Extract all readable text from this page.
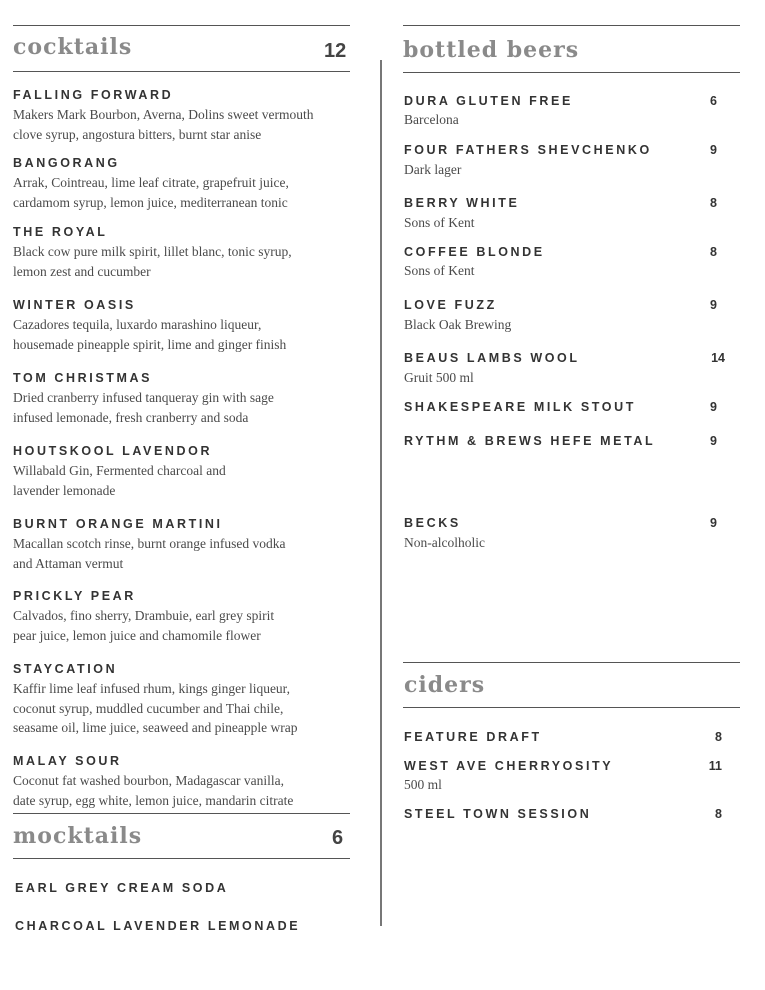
cocktails	12
FALLING FORWARD
Makers Mark Bourbon, Averna, Dolins sweet vermouth
clove syrup, angostura bitters, burnt star anise
BANGORANG
Arrak, Cointreau, lime leaf citrate, grapefruit juice,
cardamom syrup, lemon juice, mediterranean tonic
THE ROYAL
Black cow pure milk spirit, lillet blanc, tonic syrup,
lemon zest and cucumber
WINTER OASIS
Cazadores tequila, luxardo marashino liqueur,
housemade pineapple spirit, lime and ginger finish
TOM CHRISTMAS
Dried cranberry infused tanqueray gin with sage
infused lemonade, fresh cranberry and soda
HOUTSKOOL LAVENDOR
Willabald Gin, Fermented charcoal and
lavender lemonade
BURNT ORANGE MARTINI
Macallan scotch rinse, burnt orange infused vodka
and Attaman vermut
PRICKLY PEAR
Calvados, fino sherry, Drambuie, earl grey spirit
pear juice, lemon juice and chamomile flower
STAYCATION
Kaffir lime leaf infused rhum, kings ginger liqueur,
coconut syrup, muddled cucumber and Thai chile,
seasame oil, lime juice, seaweed and pineapple wrap
MALAY SOUR
Coconut fat washed bourbon, Madagascar vanilla,
date syrup, egg white, lemon juice, mandarin citrate
mocktails	6
EARL GREY CREAM SODA
CHARCOAL LAVENDER LEMONADE
bottled beers
DURA GLUTEN FREE	6
Barcelona
FOUR FATHERS SHEVCHENKO	9
Dark lager
BERRY WHITE	8
Sons of Kent
COFFEE BLONDE	8
Sons of Kent
LOVE FUZZ	9
Black Oak Brewing
BEAUS LAMBS WOOL	14
Gruit 500 ml
SHAKESPEARE MILK STOUT	9
RYTHM & BREWS HEFE METAL	9
BECKS	9
Non-alcolholic
ciders
FEATURE DRAFT	8
WEST AVE CHERRYOSITY	11
500 ml
STEEL TOWN SESSION	8
